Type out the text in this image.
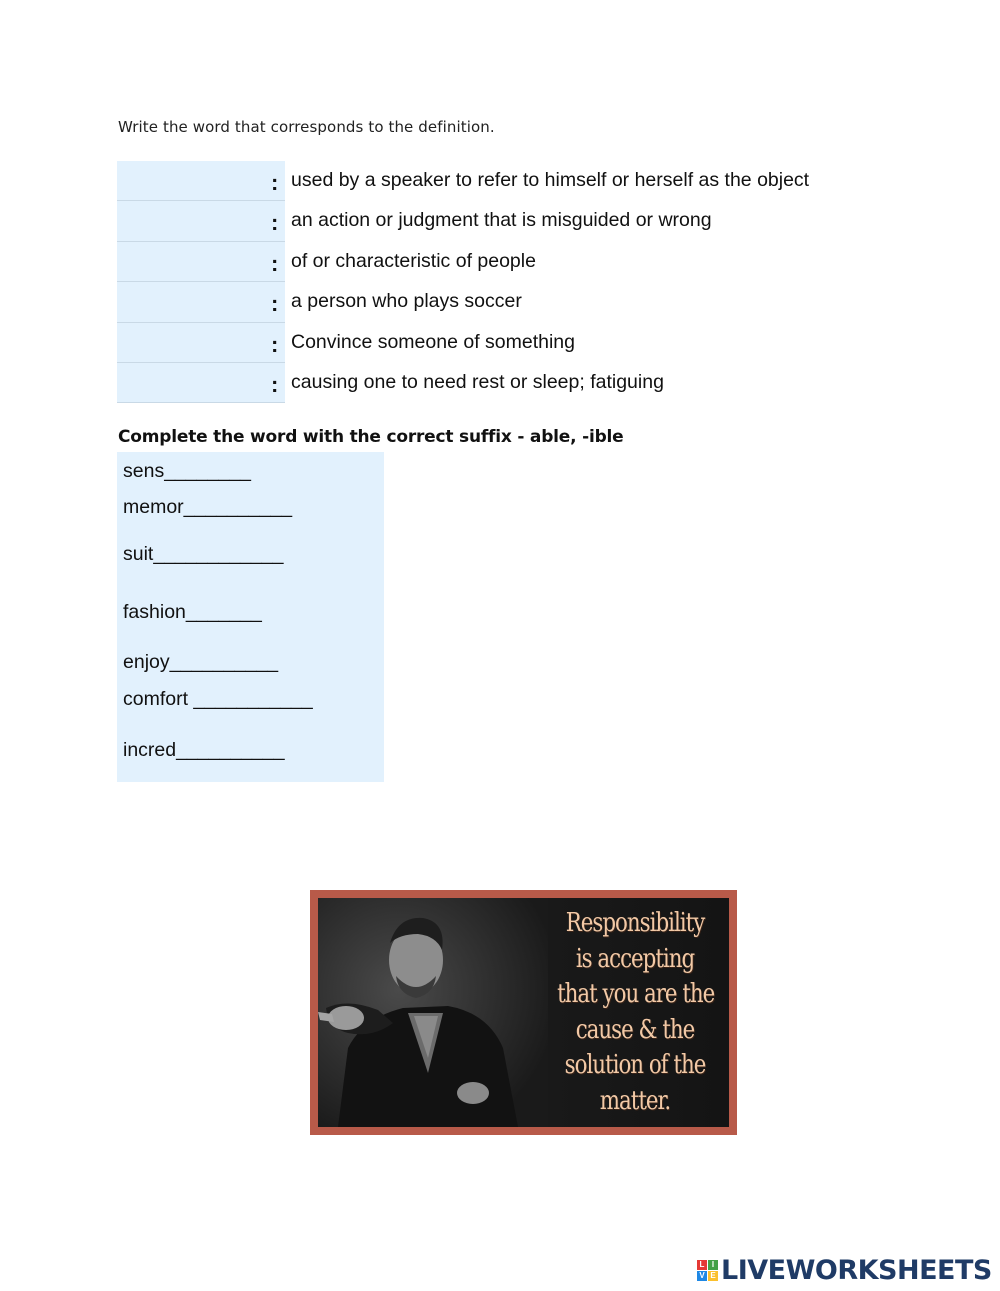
Write the word that corresponds to the definition.
: used by a speaker to refer to himself or herself as the object
: an action or judgment that is misguided or wrong
: of or characteristic of people
: a person who plays soccer
: Convince someone of something
: causing one to need rest or sleep; fatiguing
Complete the word with the correct suffix - able, -ible
sens________
memor__________
suit____________
fashion_______
enjoy__________
comfort ___________
incred__________
Responsibility
is accepting
that you are the
cause & the
solution of the
matter.
L I
V E LIVEWORKSHEETS
